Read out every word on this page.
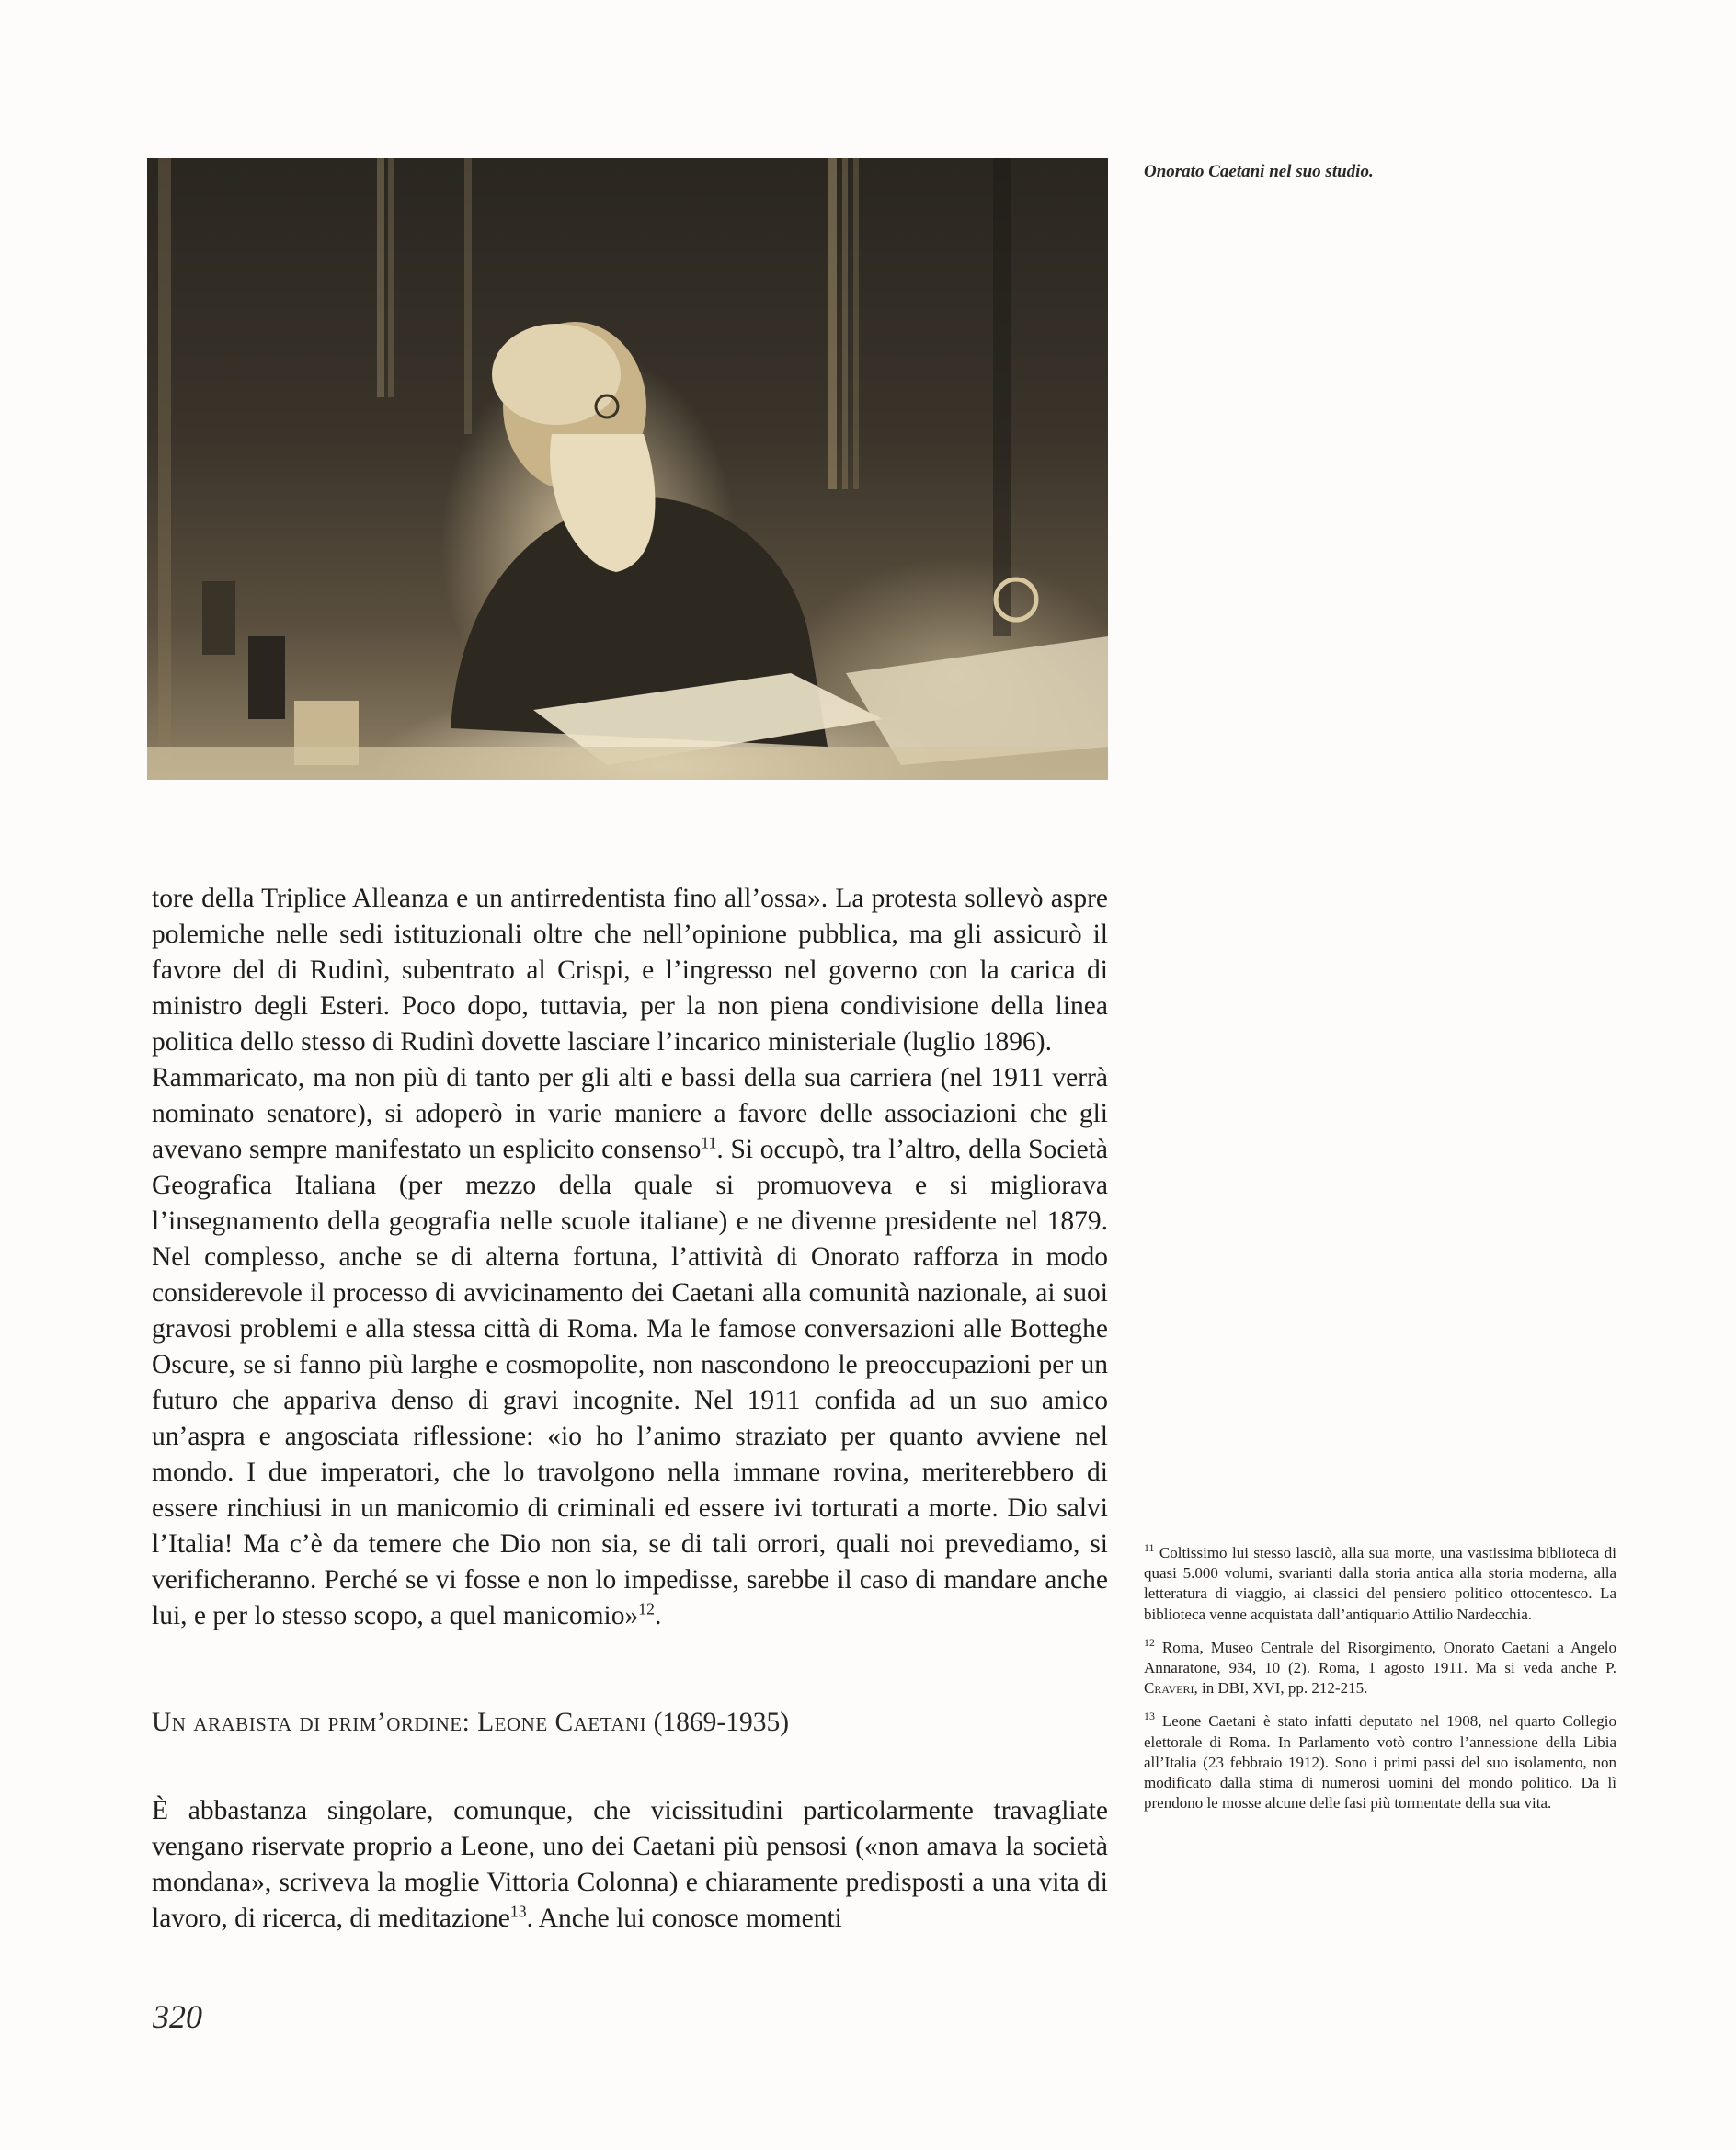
Onorato Caetani nel suo studio.

tore della Triplice Alleanza e un antirredentista fino all’ossa». La protesta sollevò aspre polemiche nelle sedi istituzionali oltre che nell’opinione pubblica, ma gli assicurò il favore del di Rudinì, subentrato al Crispi, e l’ingresso nel governo con la carica di ministro degli Esteri. Poco dopo, tuttavia, per la non piena condivisione della linea politica dello stesso di Rudinì dovette lasciare l’incarico ministeriale (luglio 1896).

Rammaricato, ma non più di tanto per gli alti e bassi della sua carriera (nel 1911 verrà nominato senatore), si adoperò in varie maniere a favore delle associazioni che gli avevano sempre manifestato un esplicito consenso$^{11}$. Si occupò, tra l’altro, della Società Geografica Italiana (per mezzo della quale si promuoveva e si migliorava l’insegnamento della geografia nelle scuole italiane) e ne divenne presidente nel 1879. Nel complesso, anche se di alterna fortuna, l’attività di Onorato rafforza in modo considerevole il processo di avvicinamento dei Caetani alla comunità nazionale, ai suoi gravosi problemi e alla stessa città di Roma. Ma le famose conversazioni alle Botteghe Oscure, se si fanno più larghe e cosmopolite, non nascondono le preoccupazioni per un futuro che appariva denso di gravi incognite. Nel 1911 confida ad un suo amico un’aspra e angosciata riflessione: «io ho l’animo straziato per quanto avviene nel mondo. I due imperatori, che lo travolgono nella immane rovina, meriterebbero di essere rinchiusi in un manicomio di criminali ed essere ivi torturati a morte. Dio salvi l’Italia! Ma c’è da temere che Dio non sia, se di tali orrori, quali noi prevediamo, si verificheranno. Perché se vi fosse e non lo impedisse, sarebbe il caso di mandare anche lui, e per lo stesso scopo, a quel manicomio»$^{12}$.

Un arabista di prim’ordine: Leone Caetani (1869-1935)

È abbastanza singolare, comunque, che vicissitudini particolarmente travagliate vengano riservate proprio a Leone, uno dei Caetani più pensosi («non amava la società mondana», scriveva la moglie Vittoria Colonna) e chiaramente predisposti a una vita di lavoro, di ricerca, di meditazione$^{13}$. Anche lui conosce momenti

$^{11}$ Coltissimo lui stesso lasciò, alla sua morte, una vastissima biblioteca di quasi 5.000 volumi, svarianti dalla storia antica alla storia moderna, alla letteratura di viaggio, ai classici del pensiero politico ottocentesco. La biblioteca venne acquistata dall’antiquario Attilio Nardecchia.

$^{12}$ Roma, Museo Centrale del Risorgimento, Onorato Caetani a Angelo Annaratone, 934, 10 (2). Roma, 1 agosto 1911. Ma si veda anche P. Craveri, in DBI, XVI, pp. 212-215.

$^{13}$ Leone Caetani è stato infatti deputato nel 1908, nel quarto Collegio elettorale di Roma. In Parlamento votò contro l’annessione della Libia all’Italia (23 febbraio 1912). Sono i primi passi del suo isolamento, non modificato dalla stima di numerosi uomini del mondo politico. Da lì prendono le mosse alcune delle fasi più tormentate della sua vita.

320
